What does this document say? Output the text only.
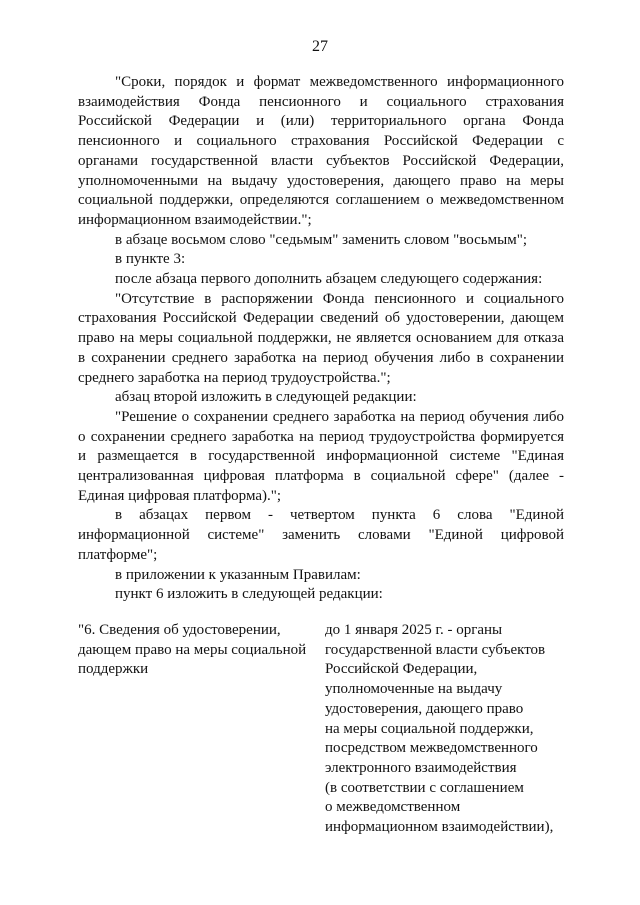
27

"Сроки, порядок и формат межведомственного информационного взаимодействия Фонда пенсионного и социального страхования Российской Федерации и (или) территориального органа Фонда пенсионного и социального страхования Российской Федерации с органами государственной власти субъектов Российской Федерации, уполномоченными на выдачу удостоверения, дающего право на меры социальной поддержки, определяются соглашением о межведомственном информационном взаимодействии.";

в абзаце восьмом слово "седьмым" заменить словом "восьмым";

в пункте 3:

после абзаца первого дополнить абзацем следующего содержания:

"Отсутствие в распоряжении Фонда пенсионного и социального страхования Российской Федерации сведений об удостоверении, дающем право на меры социальной поддержки, не является основанием для отказа в сохранении среднего заработка на период обучения либо в сохранении среднего заработка на период трудоустройства.";

абзац второй изложить в следующей редакции:

"Решение о сохранении среднего заработка на период обучения либо о сохранении среднего заработка на период трудоустройства формируется и размещается в государственной информационной системе "Единая централизованная цифровая платформа в социальной сфере" (далее - Единая цифровая платформа).";

в абзацах первом - четвертом пункта 6 слова "Единой информационной системе" заменить словами "Единой цифровой платформе";

в приложении к указанным Правилам:

пункт 6 изложить в следующей редакции:

"6. Сведения об удостоверении,
дающем право на меры социальной
поддержки
до 1 января 2025 г. - органы
государственной власти субъектов
Российской Федерации,
уполномоченные на выдачу
удостоверения, дающего право
на меры социальной поддержки,
посредством межведомственного
электронного взаимодействия
(в соответствии с соглашением
о межведомственном
информационном взаимодействии),
